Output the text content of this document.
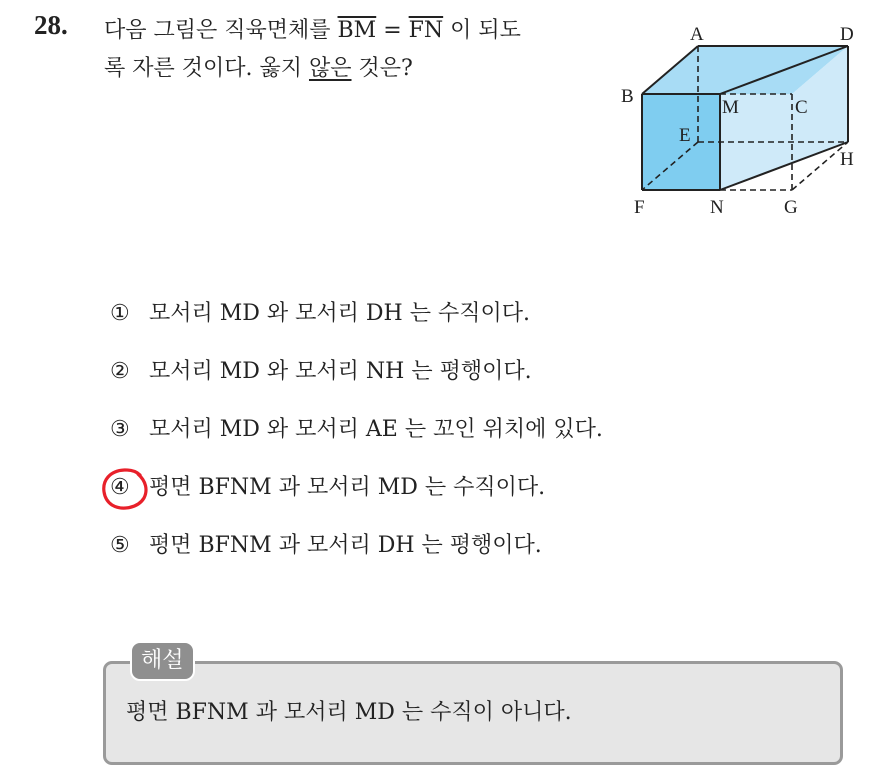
28. 다음 그림은 직육면체를 $\overline{BM} = \overline{FN}$ 이 되도
록 자른 것이다. 옳지 않은 것은?
A	D
B
M	C
E
H
F	N	G
① 모서리 MD 와 모서리 DH 는 수직이다.
② 모서리 MD 와 모서리 NH 는 평행이다.
③ 모서리 MD 와 모서리 AE 는 꼬인 위치에 있다.
④ 평면 BFNM 과 모서리 MD 는 수직이다.
⑤ 평면 BFNM 과 모서리 DH 는 평행이다.
해설
평면 BFNM 과 모서리 MD 는 수직이 아니다.
